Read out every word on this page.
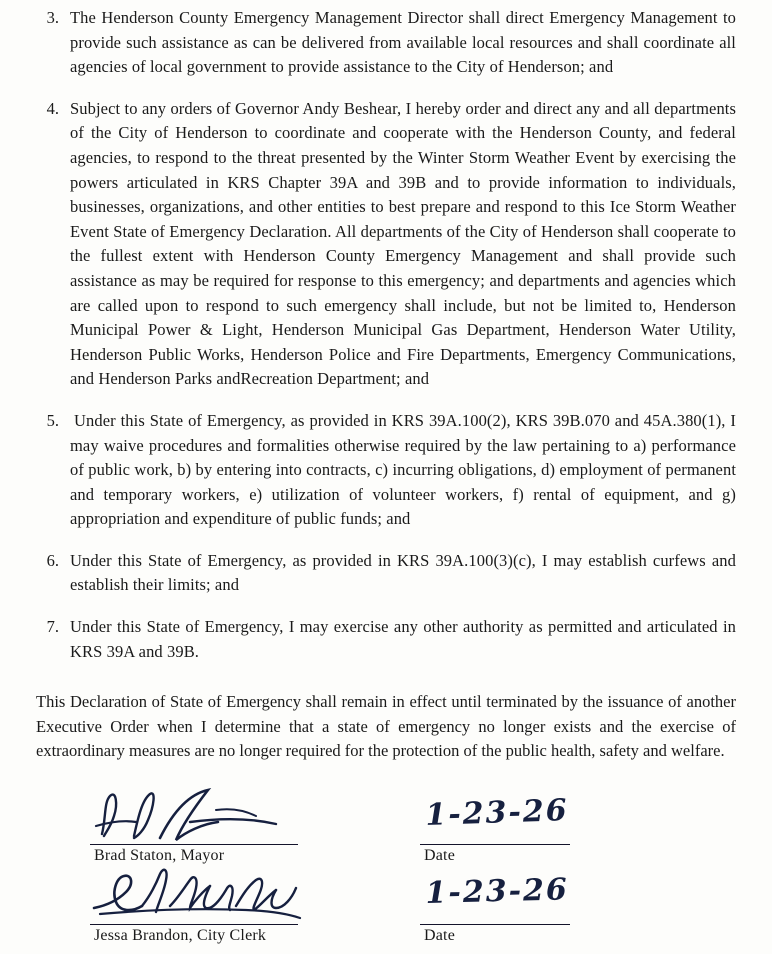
3. The Henderson County Emergency Management Director shall direct Emergency Management to provide such assistance as can be delivered from available local resources and shall coordinate all agencies of local government to provide assistance to the City of Henderson; and
4. Subject to any orders of Governor Andy Beshear, I hereby order and direct any and all departments of the City of Henderson to coordinate and cooperate with the Henderson County, and federal agencies, to respond to the threat presented by the Winter Storm Weather Event by exercising the powers articulated in KRS Chapter 39A and 39B and to provide information to individuals, businesses, organizations, and other entities to best prepare and respond to this Ice Storm Weather Event State of Emergency Declaration. All departments of the City of Henderson shall cooperate to the fullest extent with Henderson County Emergency Management and shall provide such assistance as may be required for response to this emergency; and departments and agencies which are called upon to respond to such emergency shall include, but not be limited to, Henderson Municipal Power & Light, Henderson Municipal Gas Department, Henderson Water Utility, Henderson Public Works, Henderson Police and Fire Departments, Emergency Communications, and Henderson Parks andRecreation Department; and
5. Under this State of Emergency, as provided in KRS 39A.100(2), KRS 39B.070 and 45A.380(1), I may waive procedures and formalities otherwise required by the law pertaining to a) performance of public work, b) by entering into contracts, c) incurring obligations, d) employment of permanent and temporary workers, e) utilization of volunteer workers, f) rental of equipment, and g) appropriation and expenditure of public funds; and
6. Under this State of Emergency, as provided in KRS 39A.100(3)(c), I may establish curfews and establish their limits; and
7. Under this State of Emergency, I may exercise any other authority as permitted and articulated in KRS 39A and 39B.
This Declaration of State of Emergency shall remain in effect until terminated by the issuance of another Executive Order when I determine that a state of emergency no longer exists and the exercise of extraordinary measures are no longer required for the protection of the public health, safety and welfare.
1-23-26
Brad Staton, Mayor	Date
1‑23‑26
Jessa Brandon, City Clerk	Date
